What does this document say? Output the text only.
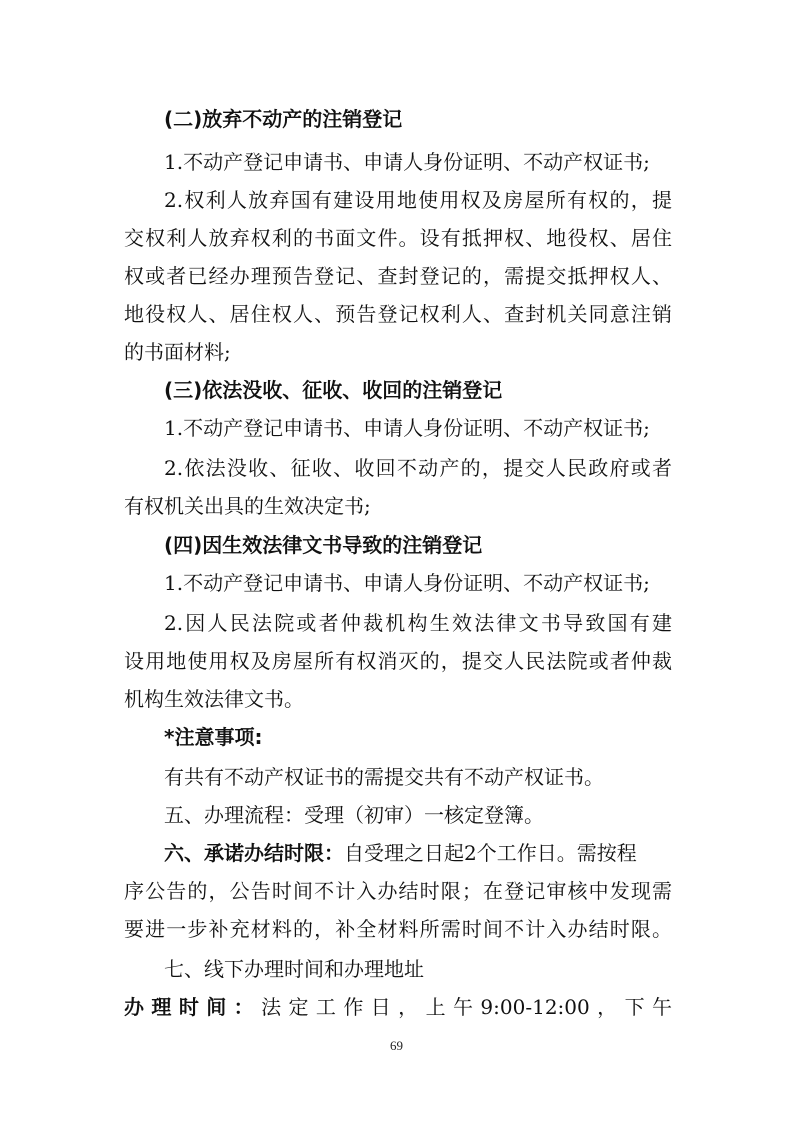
(二)放弃不动产的注销登记
1.不动产登记申请书、申请人身份证明、不动产权证书;
2.权利人放弃国有建设用地使用权及房屋所有权的，提
交权利人放弃权利的书面文件。设有抵押权、地役权、居住
权或者已经办理预告登记、查封登记的，需提交抵押权人、
地役权人、居住权人、预告登记权利人、查封机关同意注销
的书面材料;
(三)依法没收、征收、收回的注销登记
1.不动产登记申请书、申请人身份证明、不动产权证书;
2.依法没收、征收、收回不动产的，提交人民政府或者
有权机关出具的生效决定书;
(四)因生效法律文书导致的注销登记
1.不动产登记申请书、申请人身份证明、不动产权证书;
2.因人民法院或者仲裁机构生效法律文书导致国有建
设用地使用权及房屋所有权消灭的，提交人民法院或者仲裁
机构生效法律文书。
*注意事项:
有共有不动产权证书的需提交共有不动产权证书。
五、办理流程：受理（初审）一核定登簿。
六、承诺办结时限：自受理之日起2个工作日。需按程
序公告的，公告时间不计入办结时限；在登记审核中发现需
要进一步补充材料的，补全材料所需时间不计入办结时限。
七、线下办理时间和办理地址
办理时间：法定工作日，上午9:00-12:00，下午
69
